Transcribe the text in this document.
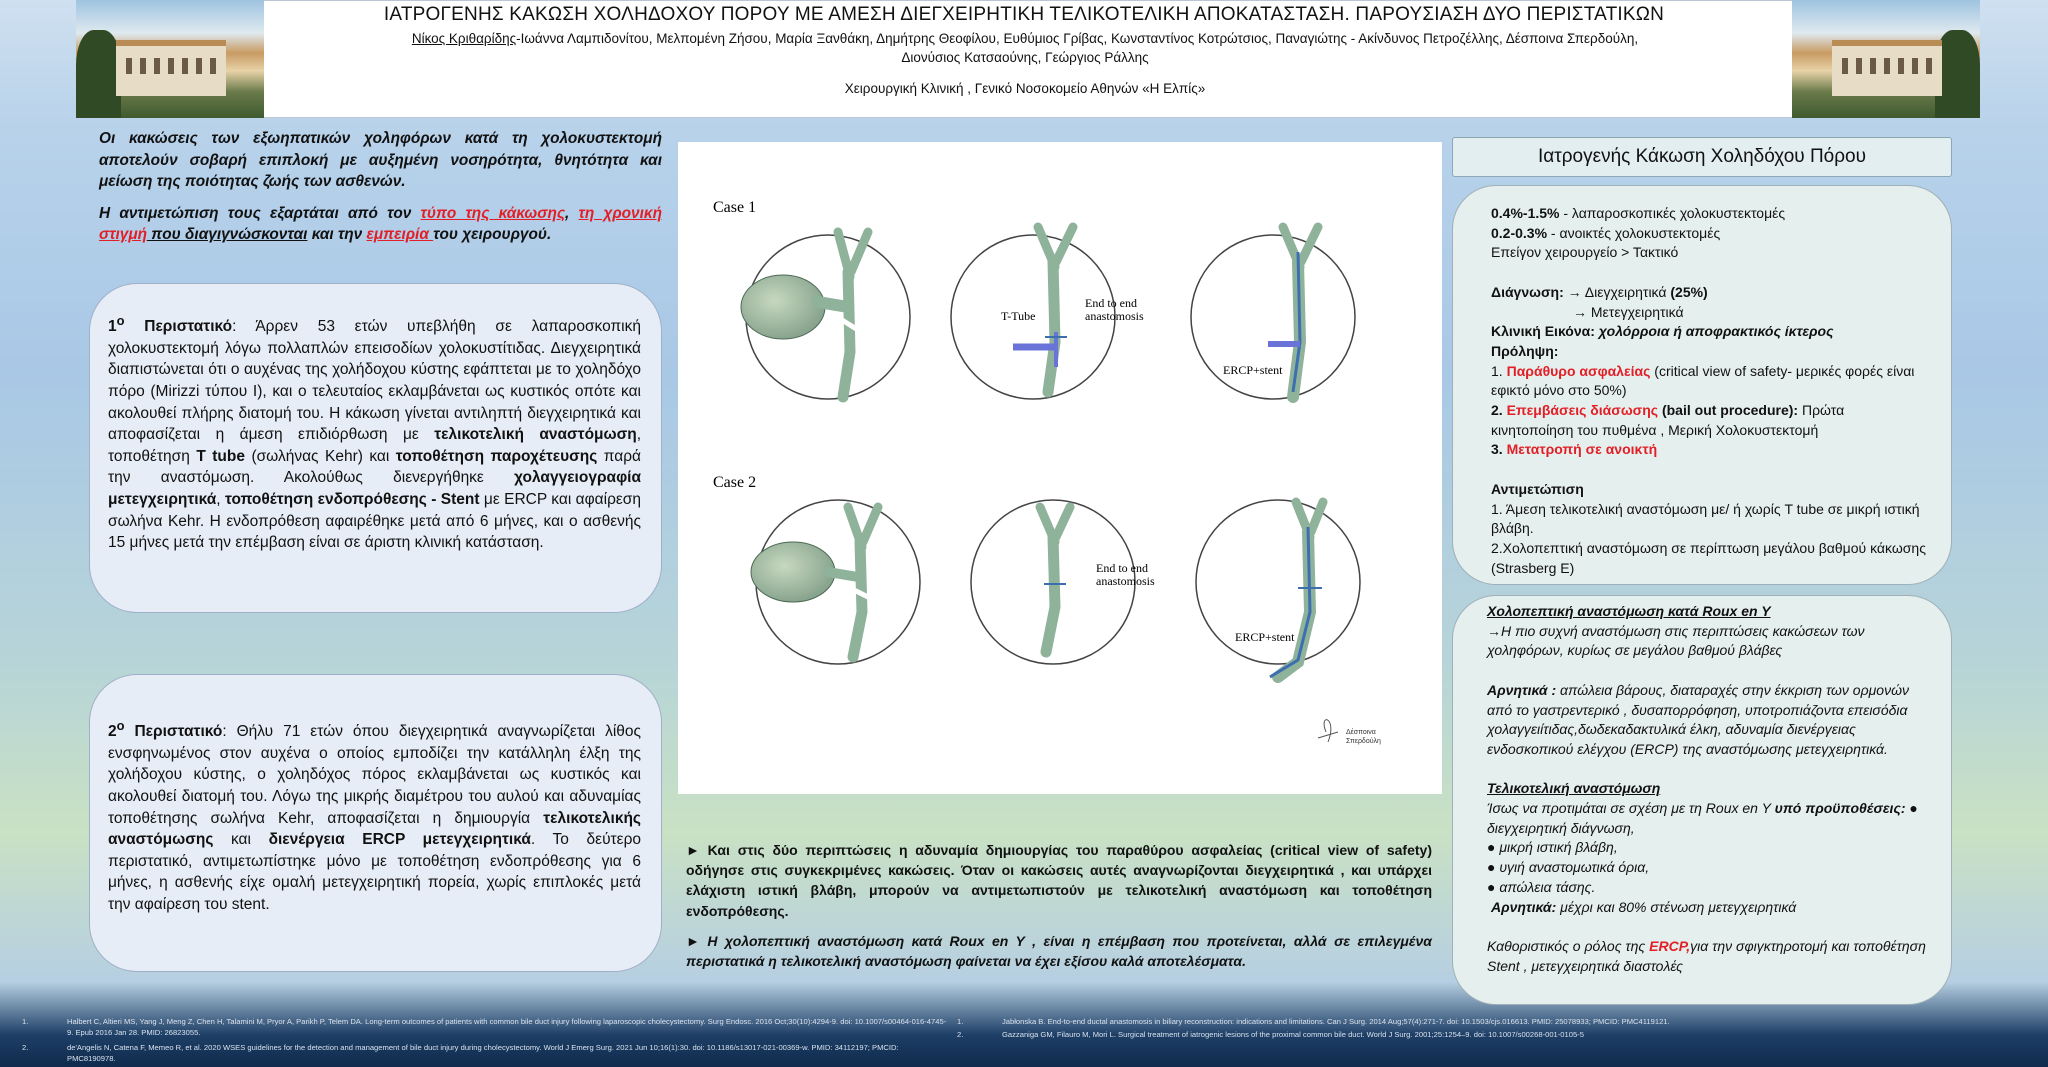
ΙΑΤΡΟΓΕΝΗΣ ΚΑΚΩΣΗ ΧΟΛΗΔΟΧΟΥ ΠΟΡΟΥ ΜΕ ΑΜΕΣΗ ΔΙΕΓΧΕΙΡΗΤΙΚΗ ΤΕΛΙΚΟΤΕΛΙΚΗ ΑΠΟΚΑΤΑΣΤΑΣΗ. ΠΑΡΟΥΣΙΑΣΗ ΔΥΟ ΠΕΡΙΣΤΑΤΙΚΩΝ
Νίκος Κριθαρίδης-Ιωάννα Λαμπιδονίτου, Μελπομένη Ζήσου, Μαρία Ξανθάκη, Δημήτρης Θεοφίλου, Ευθύμιος Γρίβας, Κωνσταντίνος Κοτρώτσιος, Παναγιώτης - Ακίνδυνος Πετροζέλλης, Δέσποινα Σπερδούλη,
Διονύσιος Κατσαούνης, Γεώργιος Ράλλης
Χειρουργική Κλινική , Γενικό Νοσοκομείο Αθηνών «Η Ελπίς»

Οι κακώσεις των εξωηπατικών χοληφόρων κατά τη χολοκυστεκτομή αποτελούν σοβαρή επιπλοκή με αυξημένη νοσηρότητα, θνητότητα και μείωση της ποιότητας ζωής των ασθενών.

Η αντιμετώπιση τους εξαρτάται από τον τύπο της κάκωσης, τη χρονική στιγμή που διαγιγνώσκονται και την εμπειρία του χειρουργού.

$1^o$ Περιστατικό: Άρρεν 53 ετών υπεβλήθη σε λαπαροσκοπική χολοκυστεκτομή λόγω πολλαπλών επεισοδίων χολοκυστίτιδας. Διεγχειρητικά διαπιστώνεται ότι ο αυχένας της χολήδοχου κύστης εφάπτεται με το χοληδόχο πόρο (Mirizzi τύπου I), και ο τελευταίος εκλαμβάνεται ως κυστικός οπότε και ακολουθεί πλήρης διατομή του. Η κάκωση γίνεται αντιληπτή διεγχειρητικά και αποφασίζεται η άμεση επιδιόρθωση με τελικοτελική αναστόμωση, τοποθέτηση T tube (σωλήνας Kehr) και τοποθέτηση παροχέτευσης παρά την αναστόμωση. Ακολούθως διενεργήθηκε χολαγγειογραφία μετεγχειρητικά, τοποθέτηση ενδοπρόθεσης - Stent με ERCP και αφαίρεση σωλήνα Kehr. Η ενδοπρόθεση αφαιρέθηκε μετά από 6 μήνες, και ο ασθενής 15 μήνες μετά την επέμβαση είναι σε άριστη κλινική κατάσταση.
$2^o$ Περιστατικό: Θήλυ 71 ετών όπου διεγχειρητικά αναγνωρίζεται λίθος ενσφηνωμένος στον αυχένα ο οποίος εμποδίζει την κατάλληλη έλξη της χολήδοχου κύστης, ο χοληδόχος πόρος εκλαμβάνεται ως κυστικός και ακολουθεί διατομή του. Λόγω της μικρής διαμέτρου του αυλού και αδυναμίας τοποθέτησης σωλήνα Kehr, αποφασίζεται η δημιουργία τελικοτελικής αναστόμωσης και διενέργεια ERCP μετεγχειρητικά. Το δεύτερο περιστατικό, αντιμετωπίστηκε μόνο με τοποθέτηση ενδοπρόθεσης για 6 μήνες, η ασθενής είχε ομαλή μετεγχειρητική πορεία, χωρίς επιπλοκές μετά την αφαίρεση του stent.
Case 1
Case 2
T-Tube
End to end
anastomosis
ERCP+stent
End to end
anastomosis
ERCP+stent
Δέσποινα
Σπερδούλη

► Και στις δύο περιπτώσεις η αδυναμία δημιουργίας του παραθύρου ασφαλείας (critical view of safety) οδήγησε στις συγκεκριμένες κακώσεις. Όταν οι κακώσεις αυτές αναγνωρίζονται διεγχειρητικά , και υπάρχει ελάχιστη ιστική βλάβη, μπορούν να αντιμετωπιστούν με τελικοτελική αναστόμωση και τοποθέτηση ενδοπρόθεσης.

► Η χολοπεπτική αναστόμωση κατά Roux en Y , είναι η επέμβαση που προτείνεται, αλλά σε επιλεγμένα περιστατικά η τελικοτελική αναστόμωση φαίνεται να έχει εξίσου καλά αποτελέσματα.

Ιατρογενής Κάκωση Χοληδόχου Πόρου

0.4%-1.5% - λαπαροσκοπικές χολοκυστεκτομές

0.2-0.3% - ανοικτές χολοκυστεκτομές

Επείγον χειρουργείο > Τακτικό

Διάγνωση: → Διεγχειρητικά (25%)

→ Μετεγχειρητικά

Κλινική Εικόνα: χολόρροια ή αποφρακτικός ίκτερος

Πρόληψη:

1. Παράθυρο ασφαλείας (critical view of safety- μερικές φορές είναι εφικτό μόνο στο 50%)

2. Επεμβάσεις διάσωσης (bail out procedure): Πρώτα κινητοποίηση του πυθμένα , Μερική Χολοκυστεκτομή

3. Μετατροπή σε ανοικτή

Αντιμετώπιση

1. Άμεση τελικοτελική αναστόμωση με/ ή χωρίς T tube σε μικρή ιστική βλάβη.

2.Χολοπεπτική αναστόμωση σε περίπτωση μεγάλου βαθμού κάκωσης (Strasberg E)

Χολοπεπτική αναστόμωση κατά Roux en Y

→Η πιο συχνή αναστόμωση στις περιπτώσεις κακώσεων των χοληφόρων, κυρίως σε μεγάλου βαθμού βλάβες

Αρνητικά : απώλεια βάρους, διαταραχές στην έκκριση των ορμονών από το γαστρεντερικό , δυσαπορρόφηση, υποτροπιάζοντα επεισόδια χολαγγειίτιδας,δωδεκαδακτυλικά έλκη, αδυναμία διενέργειας ενδοσκοπικού ελέγχου (ERCP) της αναστόμωσης μετεγχειρητικά.

Τελικοτελική αναστόμωση

Ίσως να προτιμάται σε σχέση με τη Roux en Y υπό προϋποθέσεις: ●

διεγχειρητική διάγνωση,

● μικρή ιστική βλάβη,

● υγιή αναστομωτικά όρια,

● απώλεια τάσης.

Αρνητικά: μέχρι και 80% στένωση μετεγχειρητικά

Καθοριστικός ο ρόλος της ERCP,για την σφιγκτηροτομή και τοποθέτηση Stent , μετεγχειρητικά διαστολές

1.	Halbert C, Altieri MS, Yang J, Meng Z, Chen H, Talamini M, Pryor A, Parikh P, Telem DA. Long-term outcomes of patients with common bile duct injury following laparoscopic cholecystectomy. Surg Endosc. 2016 Oct;30(10):4294-9. doi: 10.1007/s00464-016-4745-9. Epub 2016 Jan 28. PMID: 26823055.
2.	de'Angelis N, Catena F, Memeo R, et al. 2020 WSES guidelines for the detection and management of bile duct injury during cholecystectomy. World J Emerg Surg. 2021 Jun 10;16(1):30. doi: 10.1186/s13017-021-00369-w. PMID: 34112197; PMCID: PMC8190978.
1.	Jabłonska B. End-to-end ductal anastomosis in biliary reconstruction: indications and limitations. Can J Surg. 2014 Aug;57(4):271-7. doi: 10.1503/cjs.016613. PMID: 25078933; PMCID: PMC4119121.
2.	Gazzaniga GM, Filauro M, Mori L. Surgical treatment of iatrogenic lesions of the proximal common bile duct. World J Surg. 2001;25:1254–9. doi: 10.1007/s00268-001-0105-5
